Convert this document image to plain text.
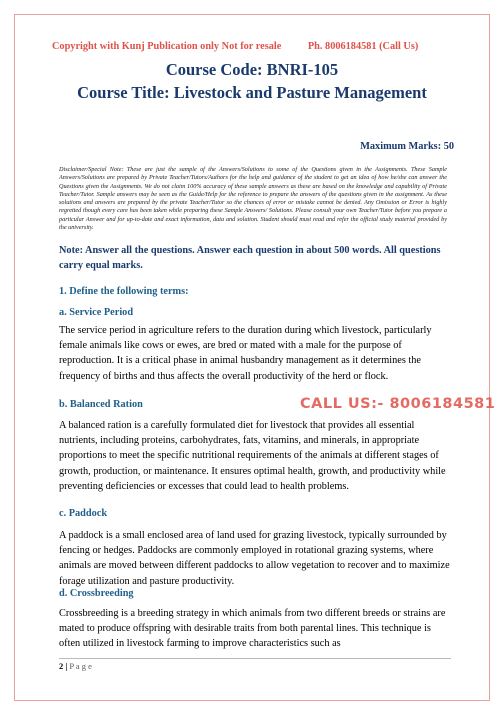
Copyright with Kunj Publication only Not for resale	Ph. 8006184581 (Call Us)
Course Code: BNRI-105
Course Title: Livestock and Pasture Management
Maximum Marks: 50
Disclaimer/Special Note: These are just the sample of the Answers/Solutions to some of the Questions given in the Assignments. These Sample Answers/Solutions are prepared by Private Teacher/Tutors/Authors for the help and guidance of the student to get an idea of how he/she can answer the Questions given the Assignments. We do not claim 100% accuracy of these sample answers as these are based on the knowledge and capability of Private Teacher/Tutor. Sample answers may be seen as the Guide/Help for the reference to prepare the answers of the questions given in the assignment. As these solutions and answers are prepared by the private Teacher/Tutor so the chances of error or mistake cannot be denied. Any Omission or Error is highly regretted though every care has been taken while preparing these Sample Answers/ Solutions. Please consult your own Teacher/Tutor before you prepare a particular Answer and for up-to-date and exact information, data and solution. Student should must read and refer the official study material provided by the university.
Note: Answer all the questions. Answer each question in about 500 words. All questions carry equal marks.
1. Define the following terms:
a. Service Period
The service period in agriculture refers to the duration during which livestock, particularly female animals like cows or ewes, are bred or mated with a male for the purpose of reproduction. It is a critical phase in animal husbandry management as it determines the frequency of births and thus affects the overall productivity of the herd or flock.
b. Balanced Ration
A balanced ration is a carefully formulated diet for livestock that provides all essential nutrients, including proteins, carbohydrates, fats, vitamins, and minerals, in appropriate proportions to meet the specific nutritional requirements of the animals at different stages of growth, production, or maintenance. It ensures optimal health, growth, and productivity while preventing deficiencies or excesses that could lead to health problems.
c. Paddock
A paddock is a small enclosed area of land used for grazing livestock, typically surrounded by fencing or hedges. Paddocks are commonly employed in rotational grazing systems, where animals are moved between different paddocks to allow vegetation to recover and to maximize forage utilization and pasture productivity.
d. Crossbreeding
Crossbreeding is a breeding strategy in which animals from two different breeds or strains are mated to produce offspring with desirable traits from both parental lines. This technique is often utilized in livestock farming to improve characteristics such as
CALL US:- 8006184581
2 | P a g e
